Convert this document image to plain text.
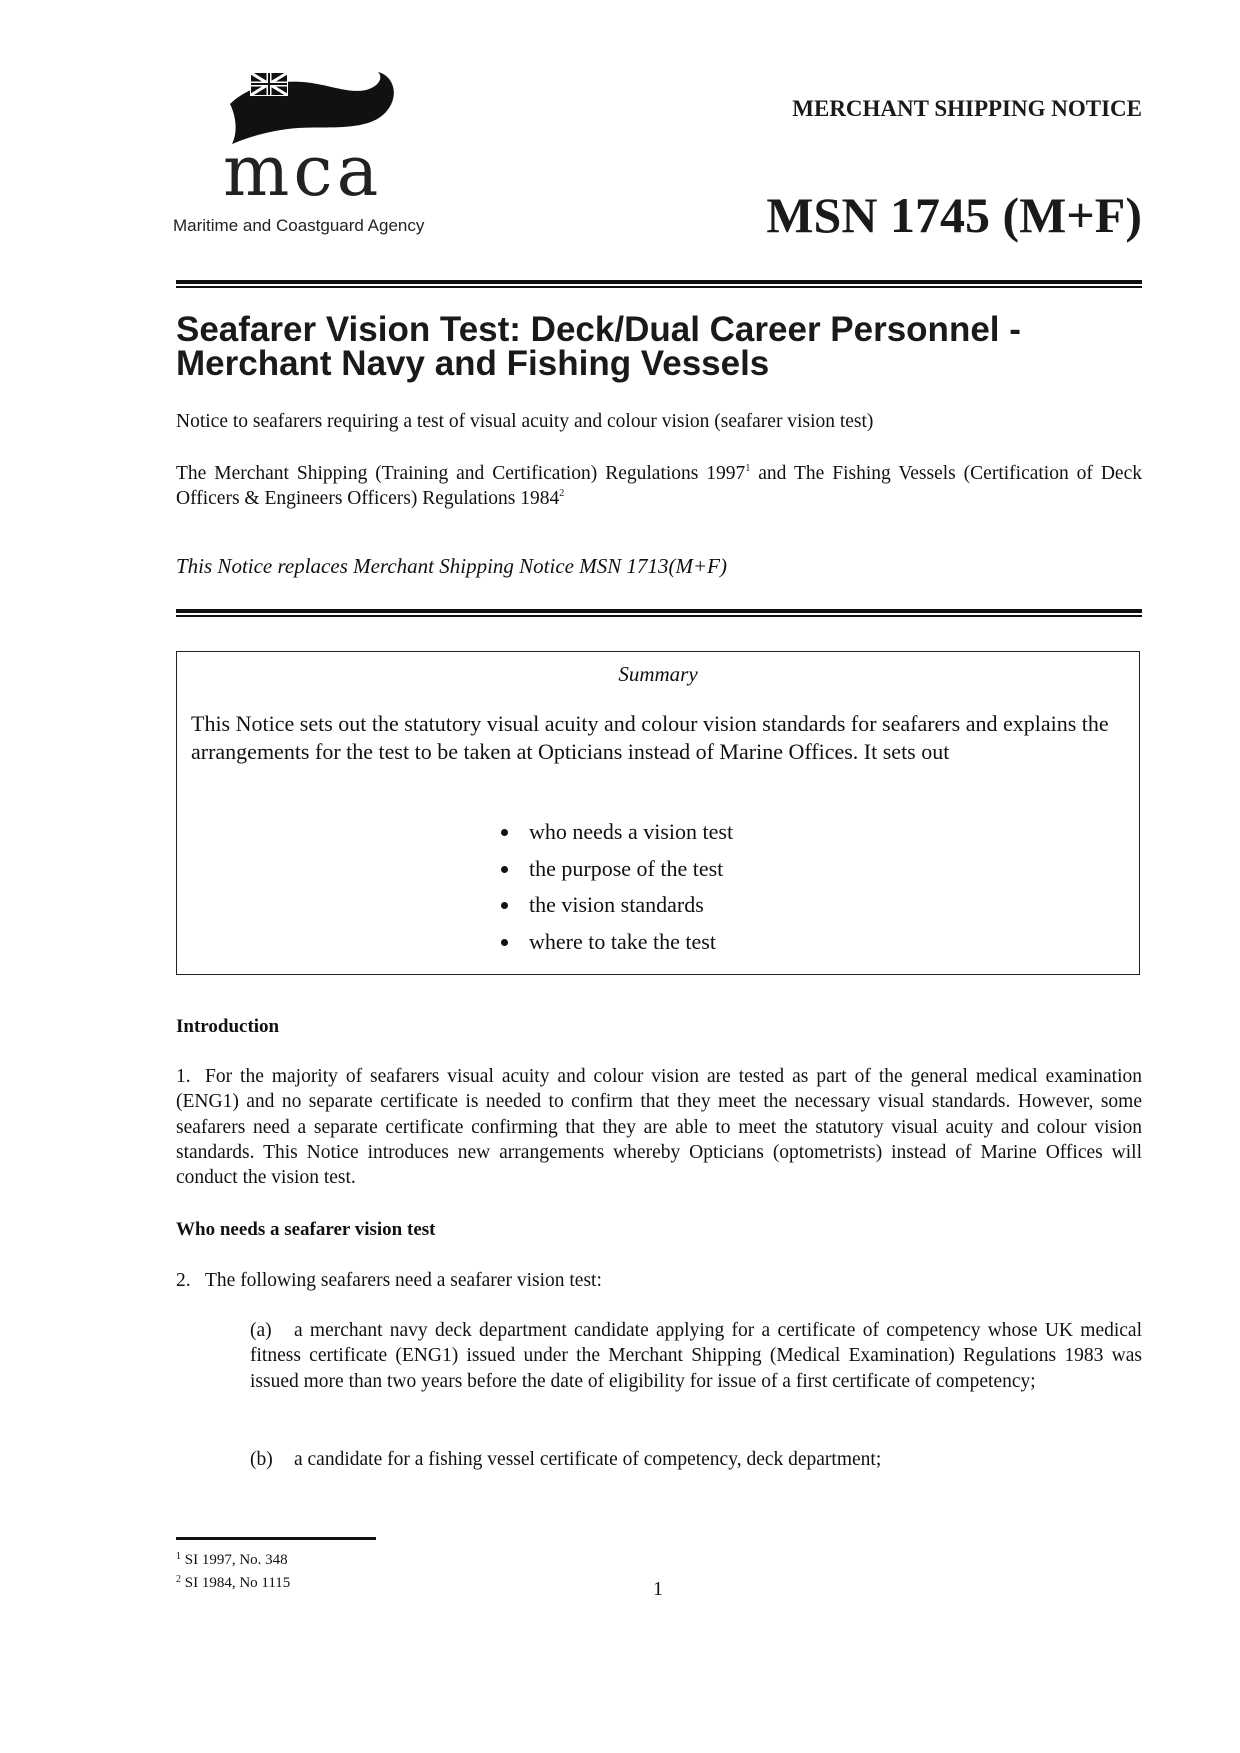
mca
Maritime and Coastguard Agency
MERCHANT SHIPPING NOTICE
MSN 1745 (M+F)
Seafarer Vision Test: Deck/Dual Career Personnel - Merchant Navy and Fishing Vessels
Notice to seafarers requiring a test of visual acuity and colour vision (seafarer vision test)
The Merchant Shipping (Training and Certification) Regulations 1997$^1$ and The Fishing Vessels (Certification of Deck Officers & Engineers Officers) Regulations 1984$^2$
This Notice replaces Merchant Shipping Notice MSN 1713(M+F)
Summary
This Notice sets out the statutory visual acuity and colour vision standards for seafarers and explains the arrangements for the test to be taken at Opticians instead of Marine Offices. It sets out
who needs a vision test
the purpose of the test
the vision standards
where to take the test
Introduction
1. For the majority of seafarers visual acuity and colour vision are tested as part of the general medical examination (ENG1) and no separate certificate is needed to confirm that they meet the necessary visual standards. However, some seafarers need a separate certificate confirming that they are able to meet the statutory visual acuity and colour vision standards. This Notice introduces new arrangements whereby Opticians (optometrists) instead of Marine Offices will conduct the vision test.
Who needs a seafarer vision test
2. The following seafarers need a seafarer vision test:
(a) a merchant navy deck department candidate applying for a certificate of competency whose UK medical fitness certificate (ENG1) issued under the Merchant Shipping (Medical Examination) Regulations 1983 was issued more than two years before the date of eligibility for issue of a first certificate of competency;
(b) a candidate for a fishing vessel certificate of competency, deck department;
$^1$ SI 1997, No. 348
$^2$ SI 1984, No 1115	1
